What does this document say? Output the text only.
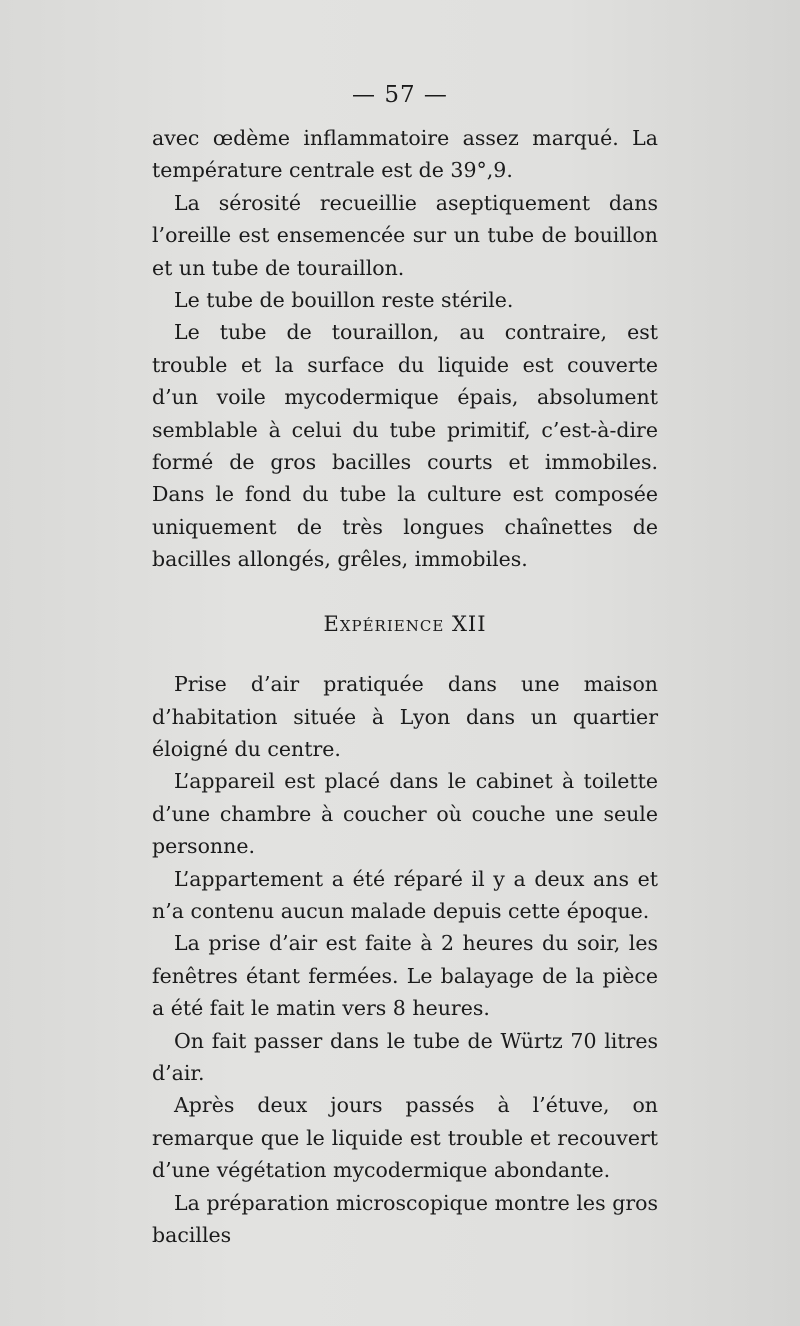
— 57 —

avec œdème inflammatoire assez marqué. La température centrale est de 39°,9.

La sérosité recueillie aseptiquement dans l’oreille est ensemencée sur un tube de bouillon et un tube de touraillon.

Le tube de bouillon reste stérile.

Le tube de touraillon, au contraire, est trouble et la surface du liquide est couverte d’un voile mycodermique épais, absolument semblable à celui du tube primitif, c’est-à-dire formé de gros bacilles courts et immobiles. Dans le fond du tube la culture est composée uniquement de très longues chaînettes de bacilles allongés, grêles, immobiles.

Expérience XII

Prise d’air pratiquée dans une maison d’habitation située à Lyon dans un quartier éloigné du centre.

L’appareil est placé dans le cabinet à toilette d’une chambre à coucher où couche une seule personne.

L’appartement a été réparé il y a deux ans et n’a contenu aucun malade depuis cette époque.

La prise d’air est faite à 2 heures du soir, les fenêtres étant fermées. Le balayage de la pièce a été fait le matin vers 8 heures.

On fait passer dans le tube de Würtz 70 litres d’air.

Après deux jours passés à l’étuve, on remarque que le liquide est trouble et recouvert d’une végétation mycodermique abondante.

La préparation microscopique montre les gros bacilles
